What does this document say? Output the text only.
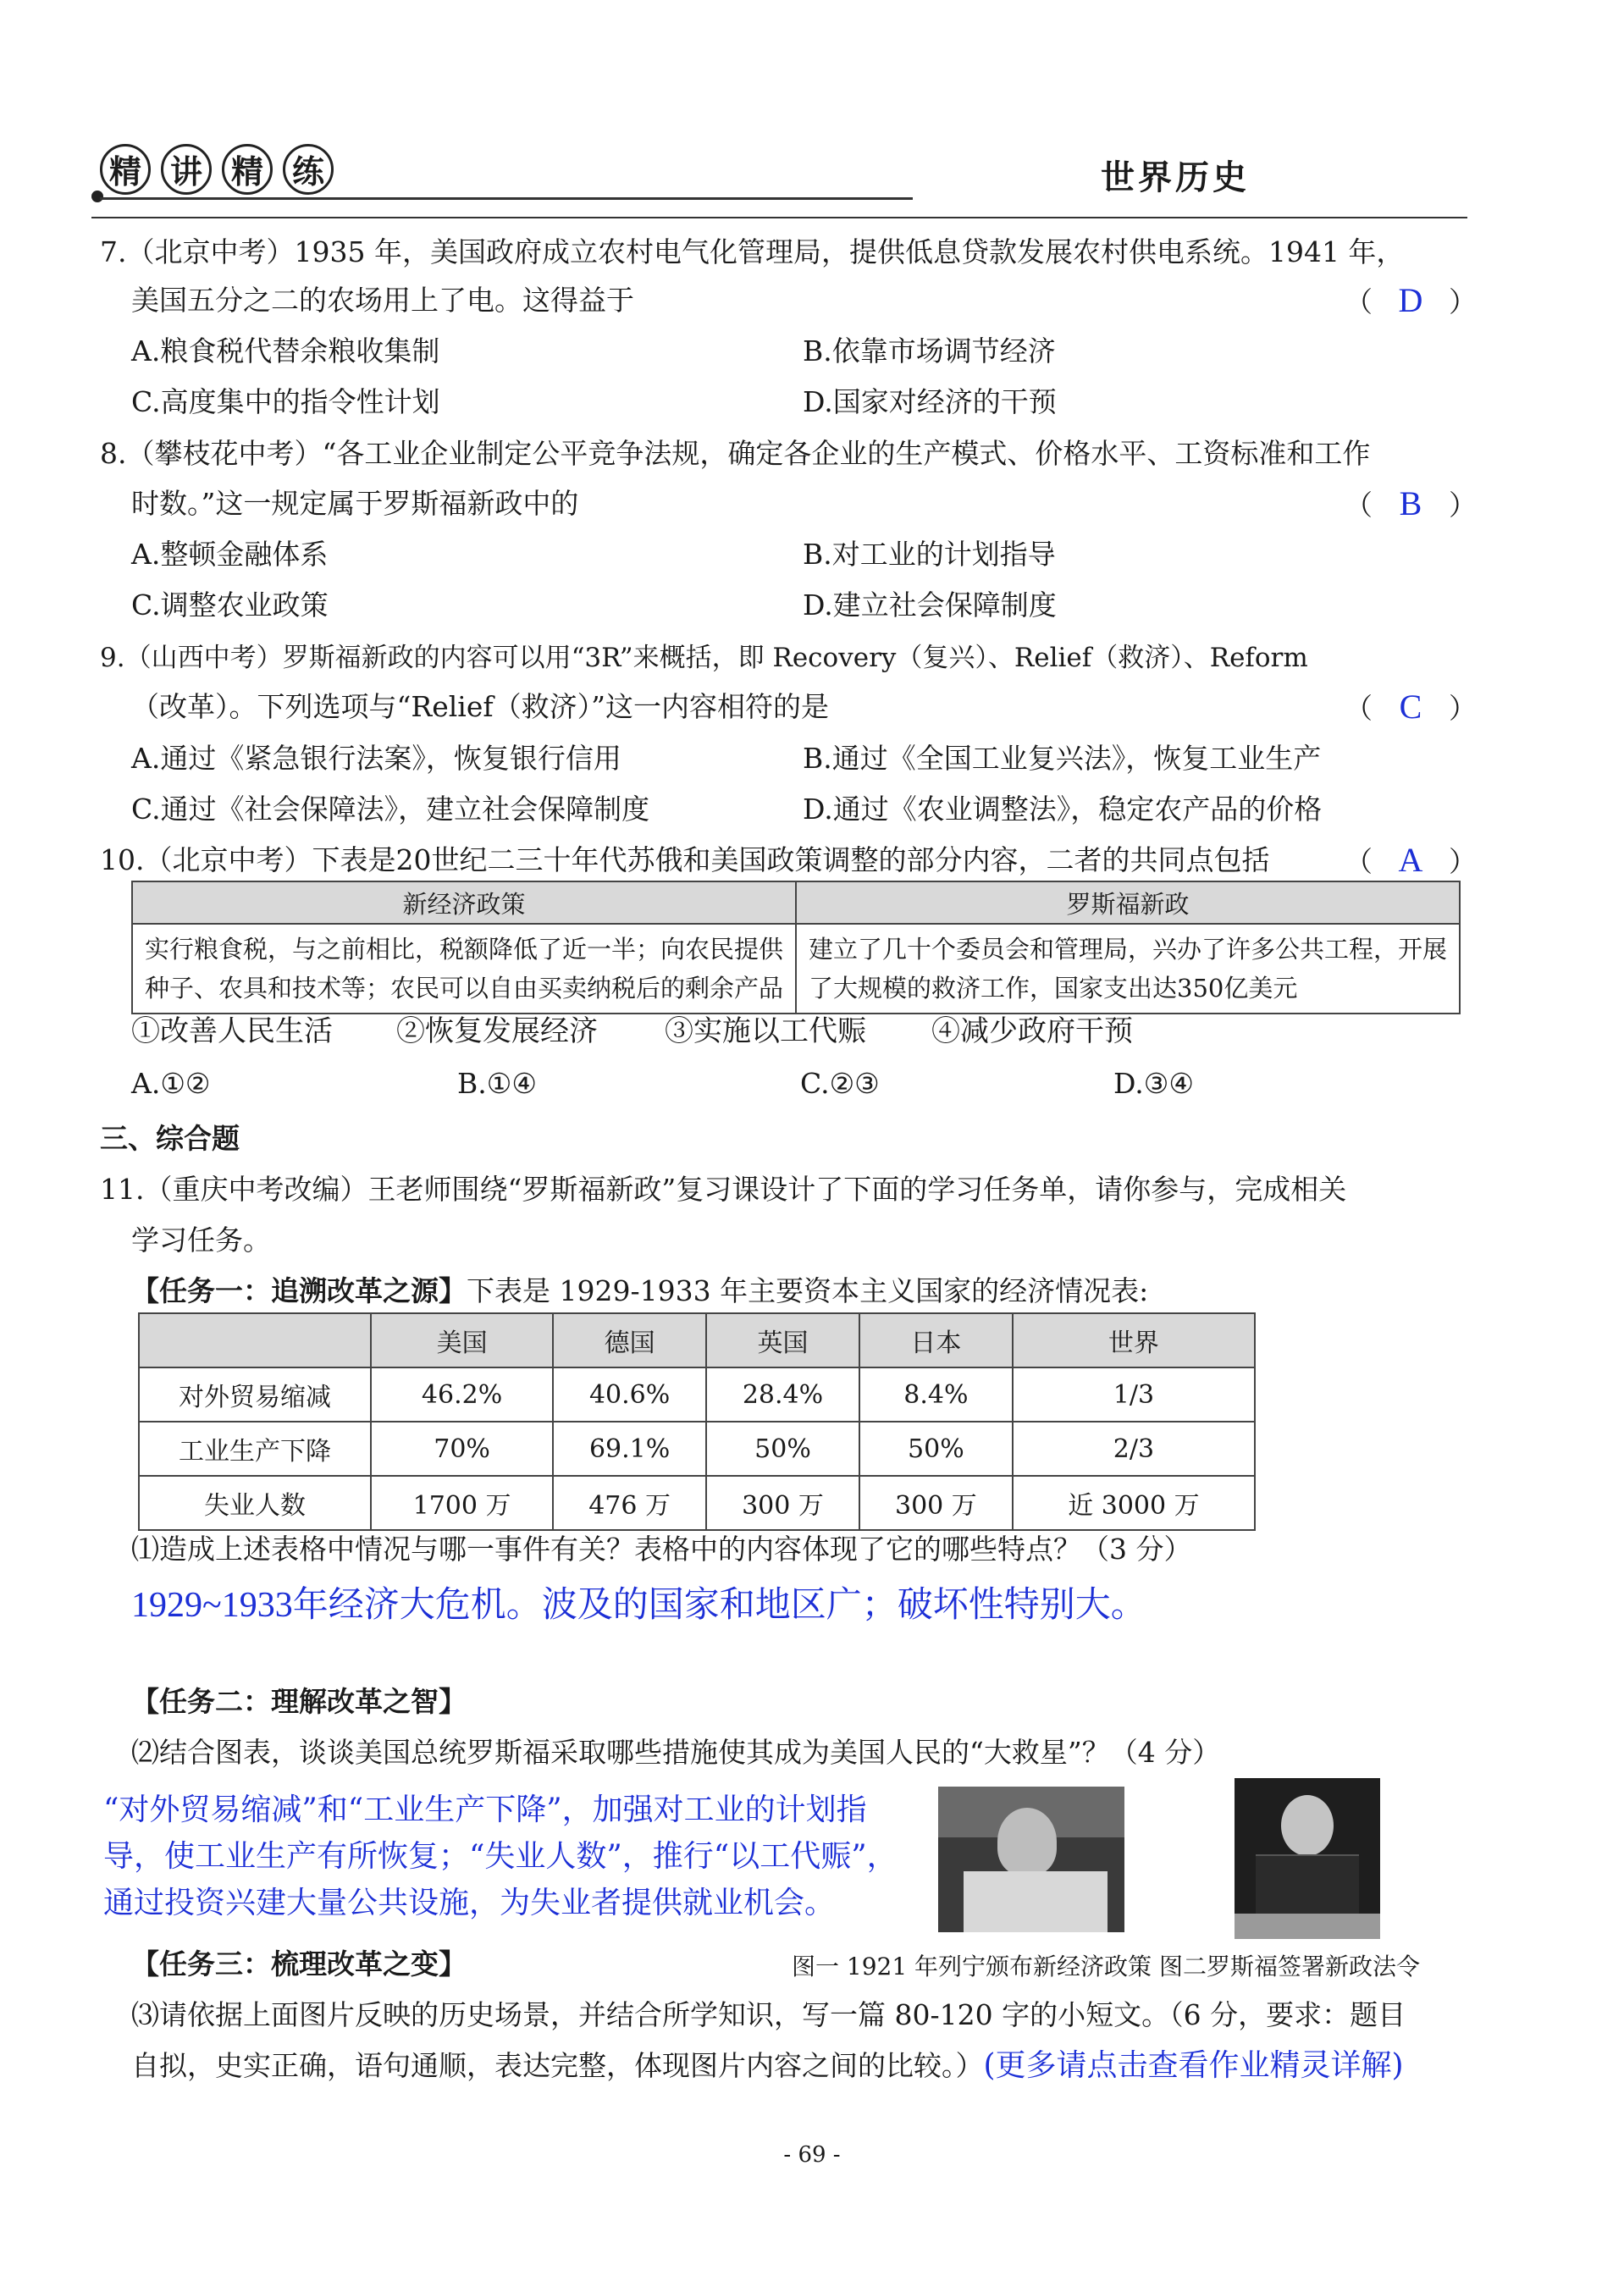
精 讲 精 练	世界历史
7.（北京中考）1935 年，美国政府成立农村电气化管理局，提供低息贷款发展农村供电系统。1941 年，
美国五分之二的农场用上了电。这得益于	（ D ）
A.粮食税代替余粮收集制	B.依靠市场调节经济
C.高度集中的指令性计划	D.国家对经济的干预
8.（攀枝花中考）“各工业企业制定公平竞争法规，确定各企业的生产模式、价格水平、工资标准和工作
时数。”这一规定属于罗斯福新政中的	（ B ）
A.整顿金融体系	B.对工业的计划指导
C.调整农业政策	D.建立社会保障制度
9.（山西中考）罗斯福新政的内容可以用“3R”来概括，即 Recovery（复兴）、Relief（救济）、Reform
（改革）。下列选项与“Relief（救济）”这一内容相符的是	（ C ）
A.通过《紧急银行法案》，恢复银行信用	B.通过《全国工业复兴法》，恢复工业生产
C.通过《社会保障法》，建立社会保障制度	D.通过《农业调整法》，稳定农产品的价格
10.（北京中考）下表是20世纪二三十年代苏俄和美国政策调整的部分内容，二者的共同点包括	（ A ）
新经济政策	罗斯福新政
实行粮食税，与之前相比，税额降低了近一半；向农民提供种子、农具和技术等；农民可以自由买卖纳税后的剩余产品	建立了几十个委员会和管理局，兴办了许多公共工程，开展了大规模的救济工作，国家支出达350亿美元
①改善人民生活 ②恢复发展经济 ③实施以工代赈 ④减少政府干预
A.①②	B.①④	C.②③	D.③④
三、综合题
11.（重庆中考改编）王老师围绕“罗斯福新政”复习课设计了下面的学习任务单，请你参与，完成相关
学习任务。
【任务一：追溯改革之源】下表是 1929-1933 年主要资本主义国家的经济情况表:
	美国	德国	英国	日本	世界
对外贸易缩减	46.2%	40.6%	28.4%	8.4%	1/3
工业生产下降	70%	69.1%	50%	50%	2/3
失业人数	1700 万	476 万	300 万	300 万	近 3000 万
⑴造成上述表格中情况与哪一事件有关？表格中的内容体现了它的哪些特点？（3 分）
1929~1933年经济大危机。波及的国家和地区广；破坏性特别大。
【任务二：理解改革之智】
⑵结合图表，谈谈美国总统罗斯福采取哪些措施使其成为美国人民的“大救星”？（4 分）
“对外贸易缩减”和“工业生产下降”，加强对工业的计划指
导，使工业生产有所恢复；“失业人数”，推行“以工代赈”，
通过投资兴建大量公共设施，为失业者提供就业机会。
【任务三：梳理改革之变】	图一 1921 年列宁颁布新经济政策 图二罗斯福签署新政法令
⑶请依据上面图片反映的历史场景，并结合所学知识，写一篇 80-120 字的小短文。（6 分，要求：题目
自拟，史实正确，语句通顺，表达完整，体现图片内容之间的比较。）(更多请点击查看作业精灵详解)
- 69 -
